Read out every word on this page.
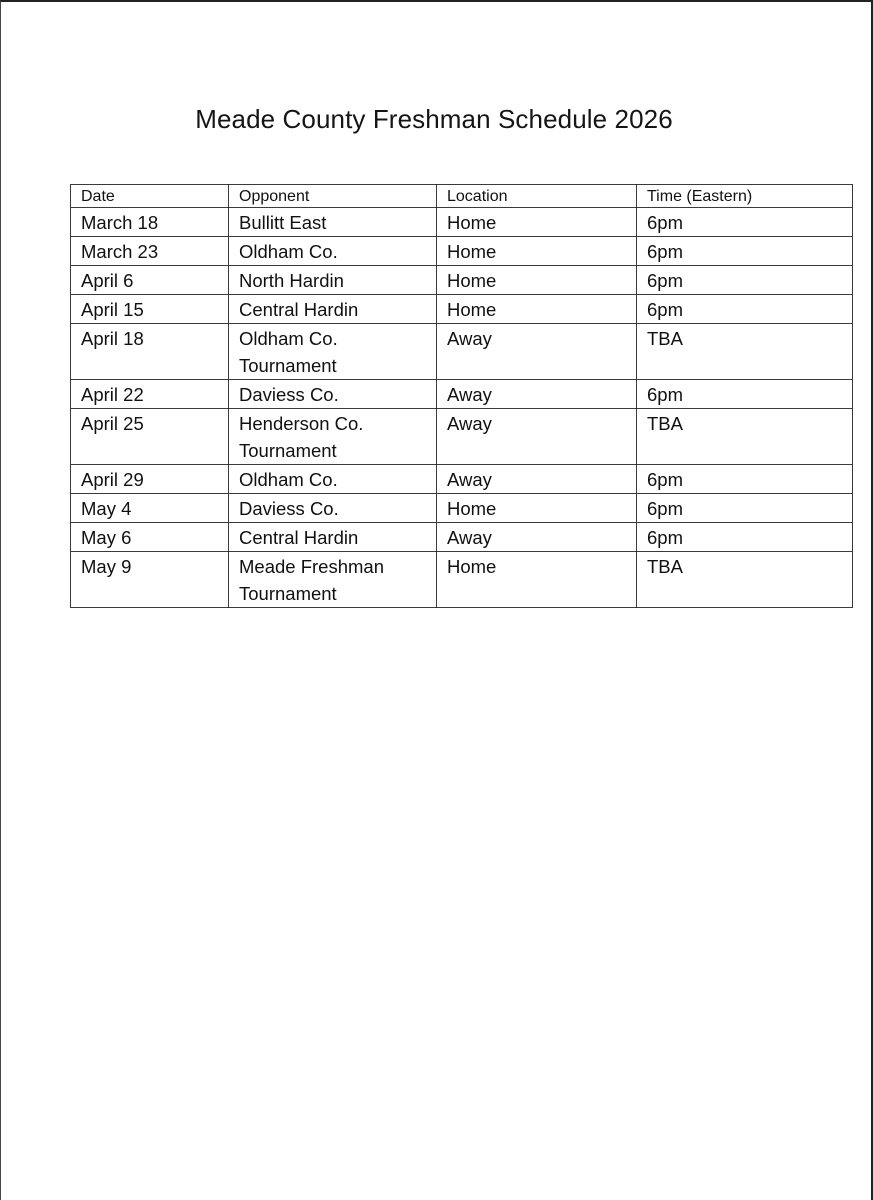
Meade County Freshman Schedule 2026
Date	Opponent	Location	Time (Eastern)
March 18	Bullitt East	Home	6pm
March 23	Oldham Co.	Home	6pm
April 6	North Hardin	Home	6pm
April 15	Central Hardin	Home	6pm
April 18	Oldham Co. Tournament	Away	TBA
April 22	Daviess Co.	Away	6pm
April 25	Henderson Co. Tournament	Away	TBA
April 29	Oldham Co.	Away	6pm
May 4	Daviess Co.	Home	6pm
May 6	Central Hardin	Away	6pm
May 9	Meade Freshman Tournament	Home	TBA
